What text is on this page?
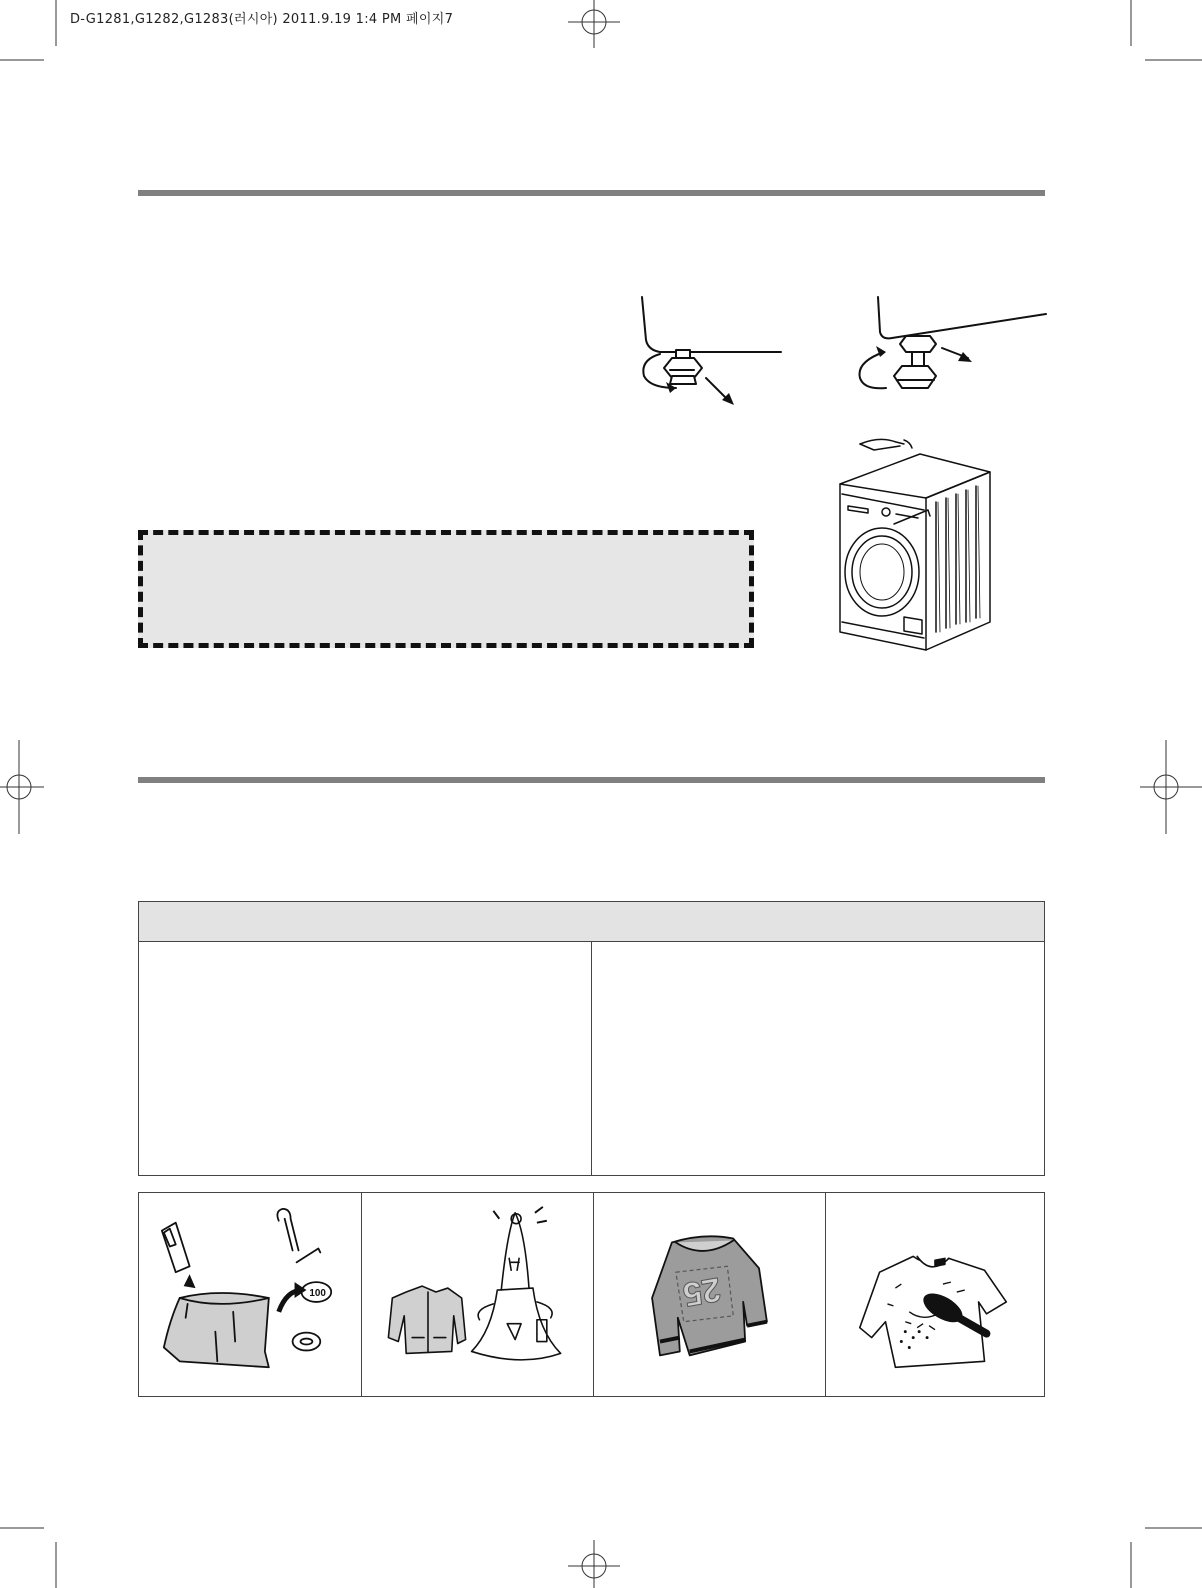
D-G1281,G1282,G1283(러시아) 2011.9.19 1:4 PM 페이지7
100	25
